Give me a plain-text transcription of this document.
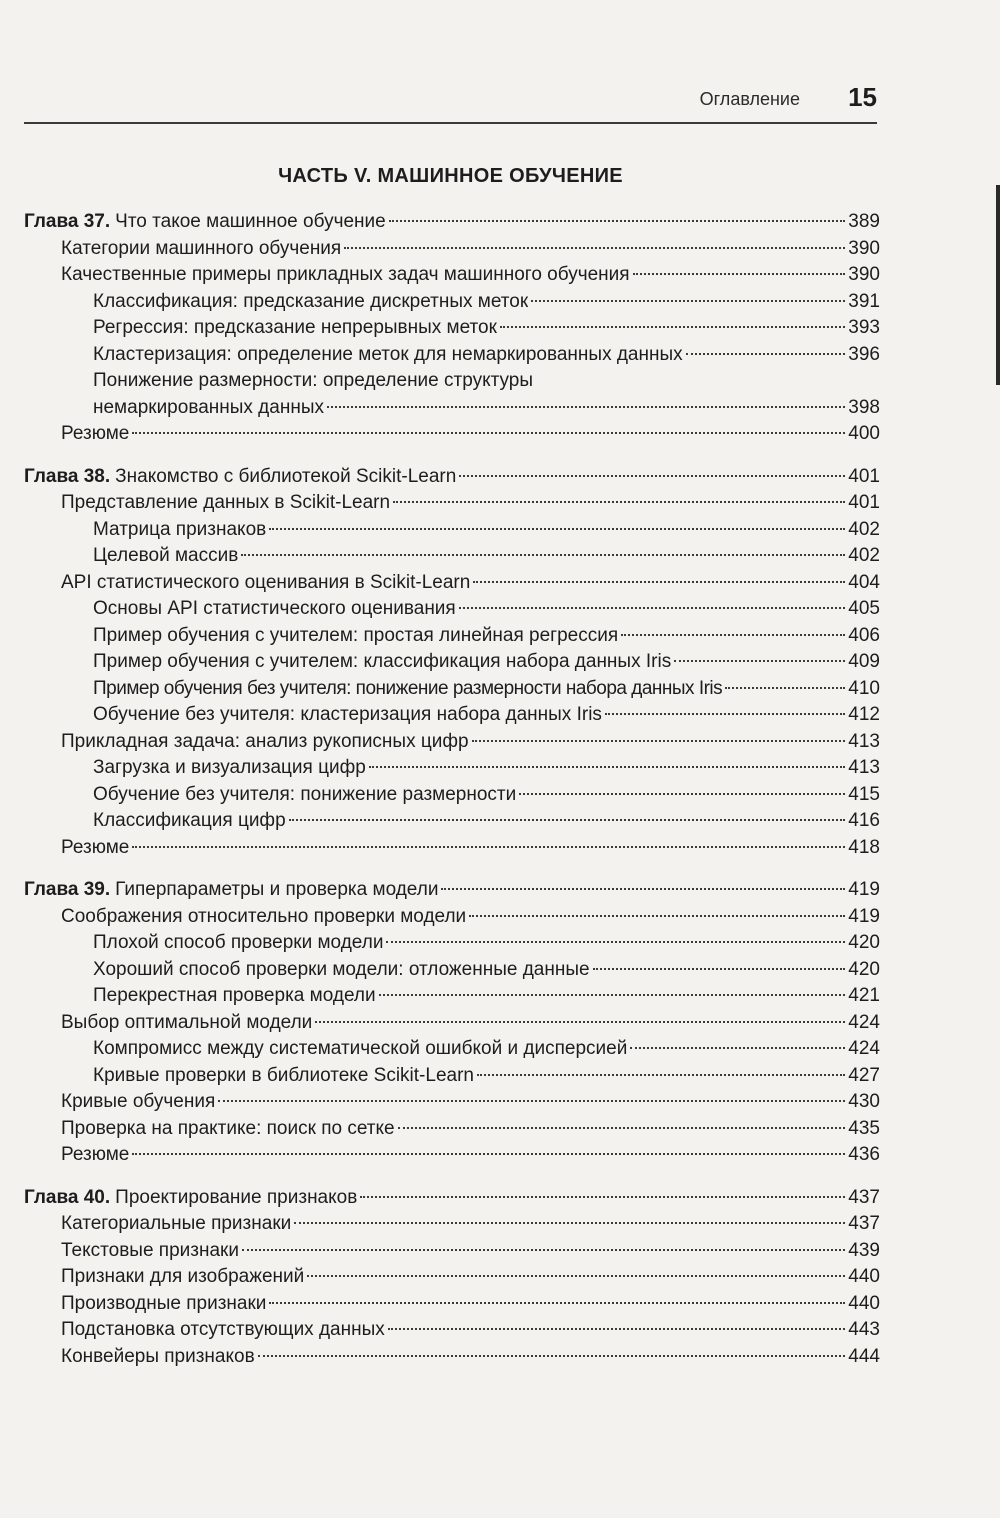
Оглавление 15
ЧАСТЬ V. МАШИННОЕ ОБУЧЕНИЕ
Глава 37. Что такое машинное обучение	389
Категории машинного обучения	390
Качественные примеры прикладных задач машинного обучения	390
Классификация: предсказание дискретных меток	391
Регрессия: предсказание непрерывных меток	393
Кластеризация: определение меток для немаркированных данных	396
Понижение размерности: определение структуры
немаркированных данных	398
Резюме	400
Глава 38. Знакомство с библиотекой Scikit-Learn	401
Представление данных в Scikit-Learn	401
Матрица признаков	402
Целевой массив	402
API статистического оценивания в Scikit-Learn	404
Основы API статистического оценивания	405
Пример обучения с учителем: простая линейная регрессия	406
Пример обучения с учителем: классификация набора данных Iris	409
Пример обучения без учителя: понижение размерности набора данных Iris	410
Обучение без учителя: кластеризация набора данных Iris	412
Прикладная задача: анализ рукописных цифр	413
Загрузка и визуализация цифр	413
Обучение без учителя: понижение размерности	415
Классификация цифр	416
Резюме	418
Глава 39. Гиперпараметры и проверка модели	419
Соображения относительно проверки модели	419
Плохой способ проверки модели	420
Хороший способ проверки модели: отложенные данные	420
Перекрестная проверка модели	421
Выбор оптимальной модели	424
Компромисс между систематической ошибкой и дисперсией	424
Кривые проверки в библиотеке Scikit-Learn	427
Кривые обучения	430
Проверка на практике: поиск по сетке	435
Резюме	436
Глава 40. Проектирование признаков	437
Категориальные признаки	437
Текстовые признаки	439
Признаки для изображений	440
Производные признаки	440
Подстановка отсутствующих данных	443
Конвейеры признаков	444
